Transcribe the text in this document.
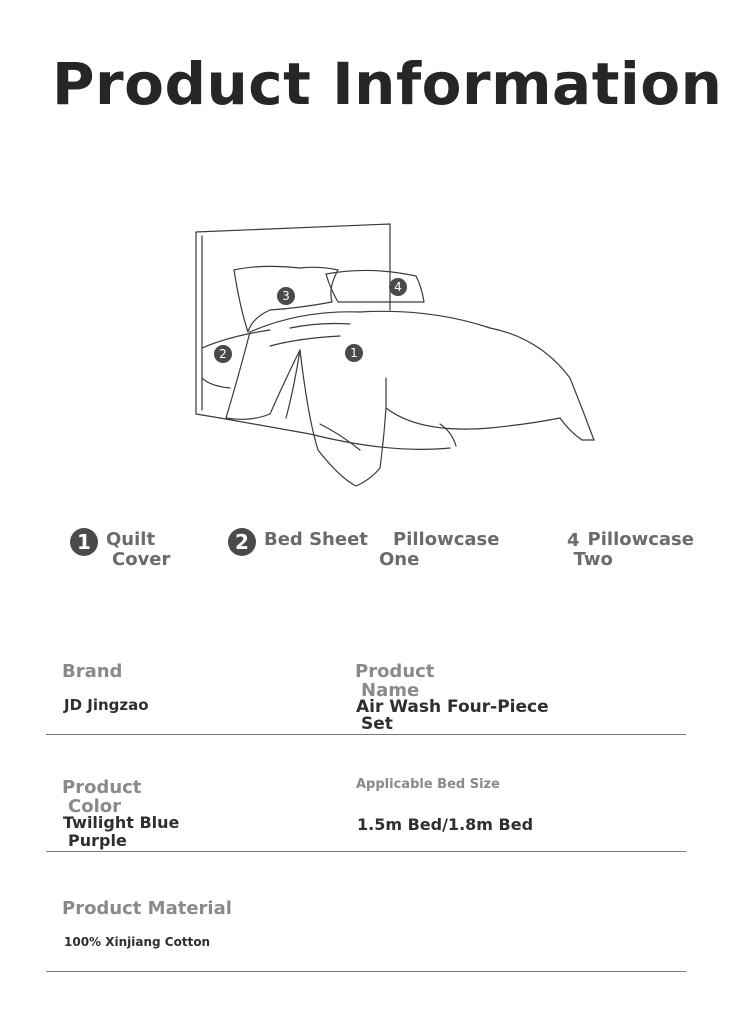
Product Information
3
4
2	1
1 Quilt
Cover
2 Bed Sheet Pillowcase
One
4 Pillowcase
Two
Brand
JD Jingzao
Product
Name
Air Wash Four-Piece
Set
Product
Color
Twilight Blue
Purple
Applicable Bed Size
1.5m Bed/1.8m Bed
Product Material
100% Xinjiang Cotton
